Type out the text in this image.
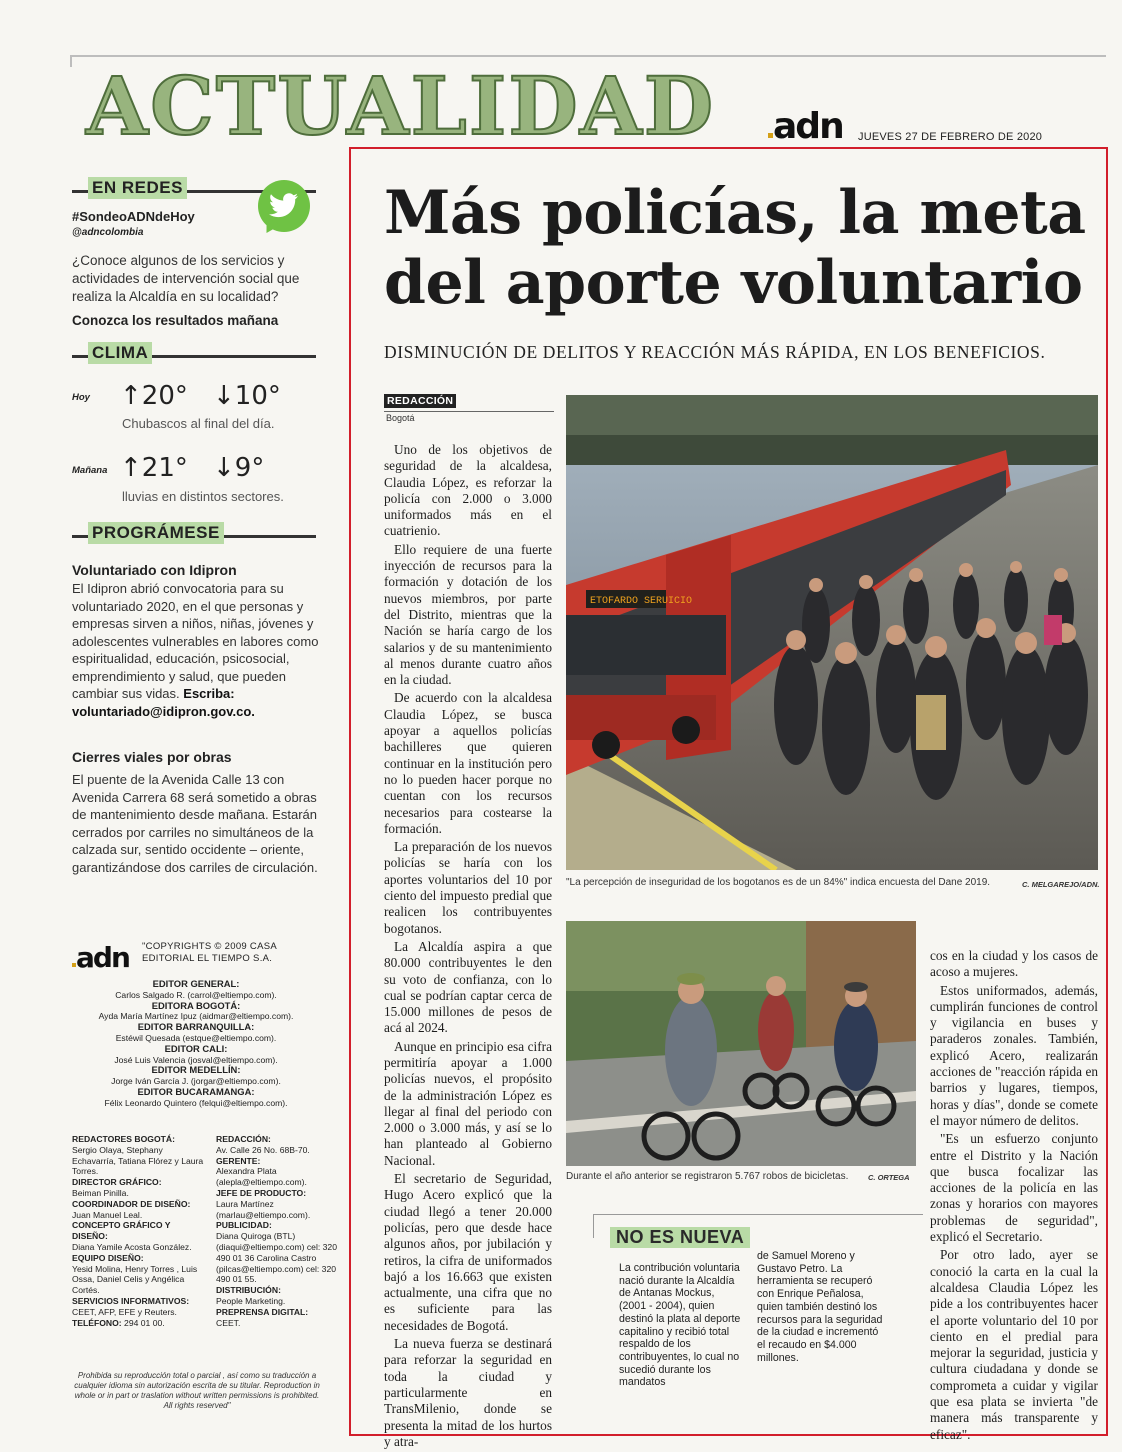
ACTUALIDAD adn JUEVES 27 DE FEBRERO DE 2020
EN REDES
#SondeoADNdeHoy
@adncolombia
¿Conoce algunos de los servicios y actividades de intervención social que realiza la Alcaldía en su localidad?
Conozca los resultados mañana
CLIMA
Hoy ↑20° ↓10°
Chubascos al final del día.
Mañana ↑21° ↓9°
lluvias en distintos sectores.
PROGRÁMESE
Voluntariado con Idipron
El Idipron abrió convocatoria para su voluntariado 2020, en el que personas y empresas sirven a niños, niñas, jóvenes y adolescentes vulnerables en labores como espiritualidad, educación, psicosocial, emprendimiento y salud, que pueden cambiar sus vidas. Escriba: voluntariado@idipron.gov.co.
Cierres viales por obras
El puente de la Avenida Calle 13 con Avenida Carrera 68 será sometido a obras de mantenimiento desde mañana. Estarán cerrados por carriles no simultáneos de la calzada sur, sentido occidente – oriente, garantizándose dos carriles de circulación.
adn "COPYRIGHTS © 2009 CASA
EDITORIAL EL TIEMPO S.A.
EDITOR GENERAL:
Carlos Salgado R. (carrol@eltiempo.com).
EDITORA BOGOTÁ:
Ayda María Martínez Ipuz (aidmar@eltiempo.com).
EDITOR BARRANQUILLA:
Estéwil Quesada (estque@eltiempo.com).
EDITOR CALI:
José Luis Valencia (josval@eltiempo.com).
EDITOR MEDELLÍN:
Jorge Iván García J. (jorgar@eltiempo.com).
EDITOR BUCARAMANGA:
Félix Leonardo Quintero (felqui@eltiempo.com).
REDACTORES BOGOTÁ:
Sergio Olaya, Stephany Echavarría, Tatiana Flórez y Laura Torres.
DIRECTOR GRÁFICO:
Beiman Pinilla.
COORDINADOR DE DISEÑO:
Juan Manuel Leal.
CONCEPTO GRÁFICO Y DISEÑO:
Diana Yamile Acosta González.
EQUIPO DISEÑO:
Yesid Molina, Henry Torres , Luis Ossa, Daniel Celis y Angélica Cortés.
SERVICIOS INFORMATIVOS:
CEET, AFP, EFE y Reuters.
TELÉFONO: 294 01 00.
REDACCIÓN:
Av. Calle 26 No. 68B-70.
GERENTE:
Alexandra Plata (alepla@eltiempo.com).
JEFE DE PRODUCTO:
Laura Martínez (marlau@eltiempo.com).
PUBLICIDAD:
Diana Quiroga (BTL) (diaqui@eltiempo.com) cel: 320 490 01 36 Carolina Castro (pilcas@eltiempo.com) cel: 320 490 01 55.
DISTRIBUCIÓN:
People Marketing.
PREPRENSA DIGITAL:
CEET.
Prohibida su reproducción total o parcial , así como su traducción a cualquier idioma sin autorización escrita de su titular. Reproduction in whole or in part or traslation without written permissions is prohibited. All rights reserved"
Más policías, la meta del aporte voluntario
DISMINUCIÓN DE DELITOS Y REACCIÓN MÁS RÁPIDA, EN LOS BENEFICIOS.
REDACCIÓN
Bogotá

Uno de los objetivos de seguridad de la alcaldesa, Claudia López, es reforzar la policía con 2.000 o 3.000 uniformados más en el cuatrienio.

Ello requiere de una fuerte inyección de recursos para la formación y dotación de los nuevos miembros, por parte del Distrito, mientras que la Nación se haría cargo de los salarios y de su mantenimiento al menos durante cuatro años en la ciudad.

De acuerdo con la alcaldesa Claudia López, se busca apoyar a aquellos policías bachilleres que quieren continuar en la institución pero no lo pueden hacer porque no cuentan con los recursos necesarios para costearse la formación.

La preparación de los nuevos policías se haría con los aportes voluntarios del 10 por ciento del impuesto predial que realicen los contribuyentes bogotanos.

La Alcaldía aspira a que 80.000 contribuyentes le den su voto de confianza, con lo cual se podrían captar cerca de 15.000 millones de pesos de acá al 2024.

Aunque en principio esa cifra permitiría apoyar a 1.000 policías nuevos, el propósito de la administración López es llegar al final del periodo con 2.000 o 3.000 más, y así se lo han planteado al Gobierno Nacional.

El secretario de Seguridad, Hugo Acero explicó que la ciudad llegó a tener 20.000 policías, pero que desde hace algunos años, por jubilación y retiros, la cifra de uniformados bajó a los 16.663 que existen actualmente, una cifra que no es suficiente para las necesidades de Bogotá.

La nueva fuerza se destinará para reforzar la seguridad en toda la ciudad y particularmente en TransMilenio, donde se presenta la mitad de los hurtos y atra-

ETOFARDO SERUICIO
"La percepción de inseguridad de los bogotanos es de un 84%" indica encuesta del Dane 2019.	C. MELGAREJO/ADN.
Durante el año anterior se registraron 5.767 robos de bicicletas.	C. ORTEGA

cos en la ciudad y los casos de acoso a mujeres.

Estos uniformados, además, cumplirán funciones de control y vigilancia en buses y paraderos zonales. También, explicó Acero, realizarán acciones de "reacción rápida en barrios y lugares, tiempos, horas y días", donde se comete el mayor número de delitos.

"Es un esfuerzo conjunto entre el Distrito y la Nación que busca focalizar las acciones de la policía en las zonas y horarios con mayores problemas de seguridad", explicó el Secretario.

Por otro lado, ayer se conoció la carta en la cual la alcaldesa Claudia López les pide a los contribuyentes hacer el aporte voluntario del 10 por ciento en el predial para mejorar la seguridad, justicia y cultura ciudadana y donde se comprometa a cuidar y vigilar que esa plata se invierta "de manera más transparente y eficaz".

NO ES NUEVA
La contribución voluntaria nació durante la Alcaldía de Antanas Mockus, (2001 - 2004), quien destinó la plata al deporte capitalino y recibió total respaldo de los contribuyentes, lo cual no sucedió durante los mandatos
de Samuel Moreno y Gustavo Petro. La herramienta se recuperó con Enrique Peñalosa, quien también destinó los recursos para la seguridad de la ciudad e incrementó el recaudo en $4.000 millones.
